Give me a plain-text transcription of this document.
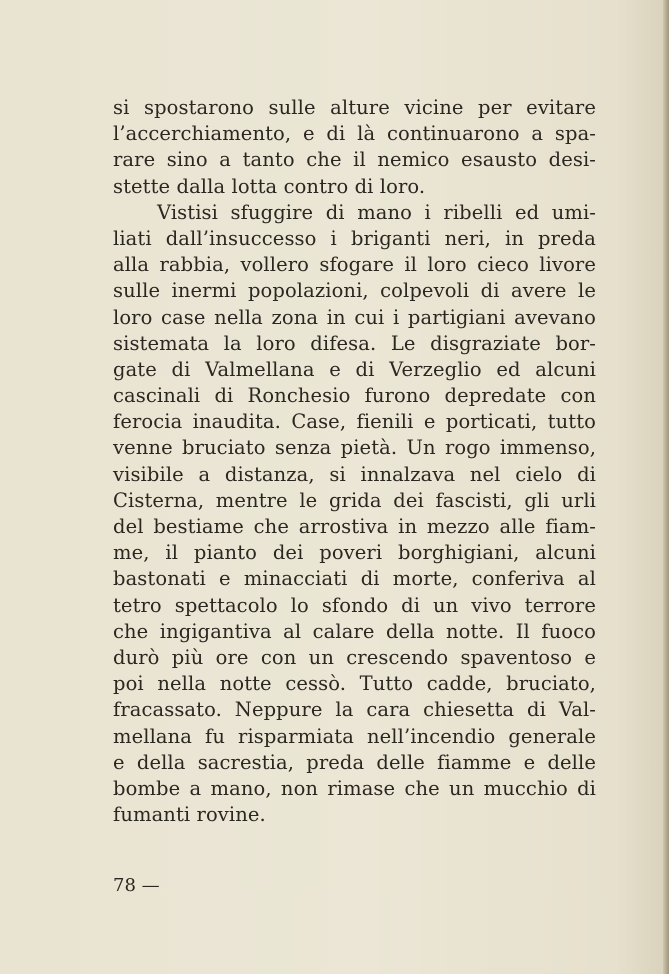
si spostarono sulle alture vicine per evitare
l’accerchiamento, e di là continuarono a spa-
rare sino a tanto che il nemico esausto desi-
stette dalla lotta contro di loro.
Vistisi sfuggire di mano i ribelli ed umi-
liati dall’insuccesso i briganti neri, in preda
alla rabbia, vollero sfogare il loro cieco livore
sulle inermi popolazioni, colpevoli di avere le
loro case nella zona in cui i partigiani avevano
sistemata la loro difesa. Le disgraziate bor-
gate di Valmellana e di Verzeglio ed alcuni
cascinali di Ronchesio furono depredate con
ferocia inaudita. Case, fienili e porticati, tutto
venne bruciato senza pietà. Un rogo immenso,
visibile a distanza, si innalzava nel cielo di
Cisterna, mentre le grida dei fascisti, gli urli
del bestiame che arrostiva in mezzo alle fiam-
me, il pianto dei poveri borghigiani, alcuni
bastonati e minacciati di morte, conferiva al
tetro spettacolo lo sfondo di un vivo terrore
che ingigantiva al calare della notte. Il fuoco
durò più ore con un crescendo spaventoso e
poi nella notte cessò. Tutto cadde, bruciato,
fracassato. Neppure la cara chiesetta di Val-
mellana fu risparmiata nell’incendio generale
e della sacrestia, preda delle fiamme e delle
bombe a mano, non rimase che un mucchio di
fumanti rovine.
78 —
